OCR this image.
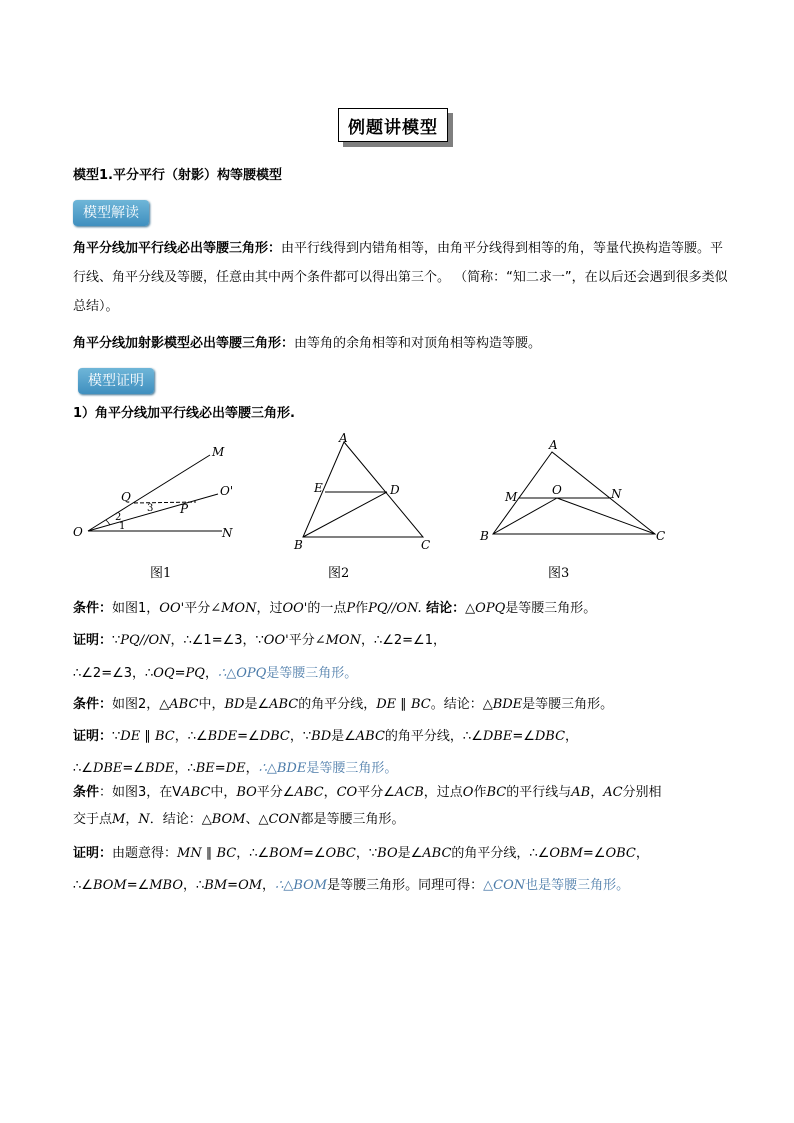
例题讲模型
模型1.平分平行（射影）构等腰模型
模型解读
角平分线加平行线必出等腰三角形：由平行线得到内错角相等，由角平分线得到相等的角，等量代换构造等腰。平行线、角平分线及等腰，任意由其中两个条件都可以得出第三个。 （简称：“知二求一”，在以后还会遇到很多类似总结）。
角平分线加射影模型必出等腰三角形：由等角的余角相等和对顶角相等构造等腰。
模型证明
1）角平分线加平行线必出等腰三角形.
M
Q	O'
P
O	N
1
2
3
图1
A
E	D
B	C
图2
A
M	O	N
B	C
图3
条件：如图1，OO'平分∠MON，过OO'的一点P作PQ//ON. 结论：△OPQ是等腰三角形。
证明：∵PQ//ON，∴∠1=∠3，∵OO'平分∠MON，∴∠2=∠1，
∴∠2=∠3，∴OQ=PQ，∴△OPQ是等腰三角形。
条件：如图2，△ABC中，BD是∠ABC的角平分线，DE ∥ BC。结论：△BDE是等腰三角形。
证明：∵DE ∥ BC，∴∠BDE=∠DBC，∵BD是∠ABC的角平分线，∴∠DBE=∠DBC，
∴∠DBE=∠BDE，∴BE=DE，∴△BDE是等腰三角形。
条件：如图3，在VABC中，BO平分∠ABC，CO平分∠ACB，过点O作BC的平行线与AB，AC分别相
交于点M，N．结论：△BOM、△CON都是等腰三角形。
证明：由题意得：MN ∥ BC，∴∠BOM=∠OBC，∵BO是∠ABC的角平分线，∴∠OBM=∠OBC，
∴∠BOM=∠MBO，∴BM=OM，∴△BOM是等腰三角形。同理可得：△CON也是等腰三角形。
